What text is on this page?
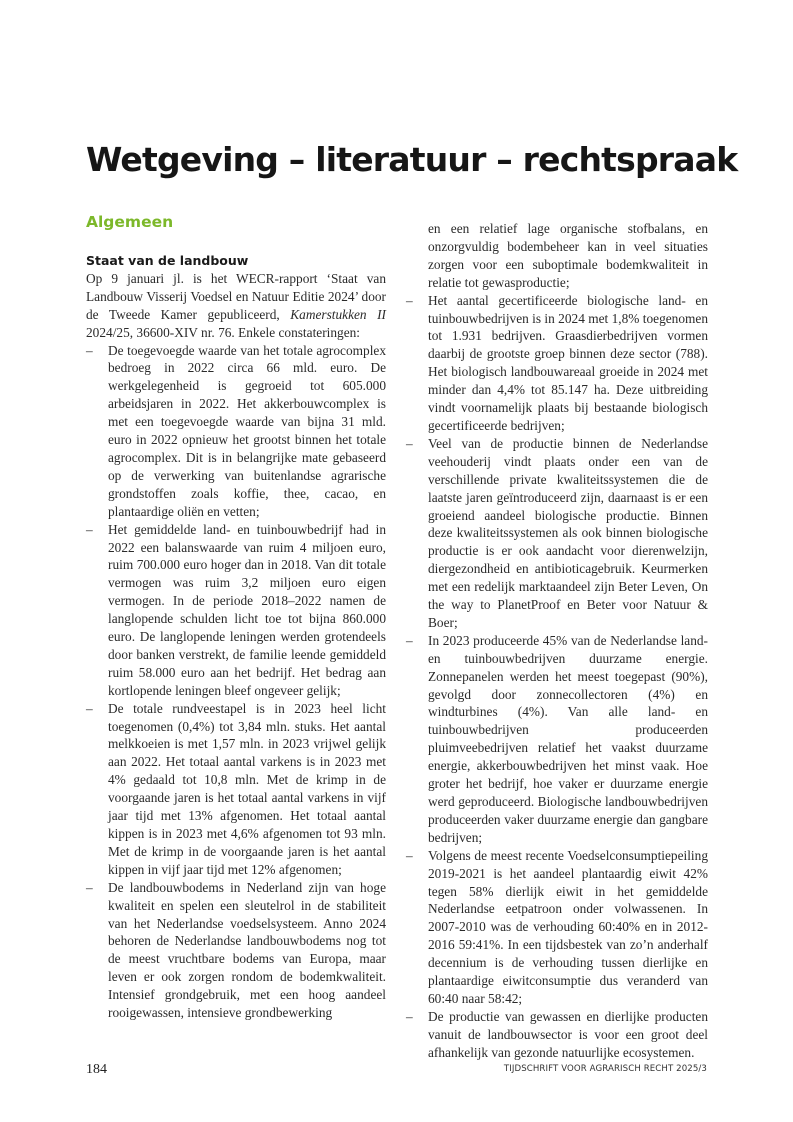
Wetgeving – literatuur – rechtspraak
Algemeen
Staat van de landbouw

Op 9 januari jl. is het WECR-rapport ‘Staat van Landbouw Visserij Voedsel en Natuur Editie 2024’ door de Tweede Kamer gepubliceerd, Kamerstukken II 2024/25, 36600-XIV nr. 76. Enkele constateringen:

– De toegevoegde waarde van het totale agrocomplex bedroeg in 2022 circa 66 mld. euro. De werkgelegenheid is gegroeid tot 605.000 arbeidsjaren in 2022. Het akkerbouwcomplex is met een toegevoegde waarde van bijna 31 mld. euro in 2022 opnieuw het grootst binnen het totale agrocomplex. Dit is in belangrijke mate gebaseerd op de verwerking van buitenlandse agrarische grondstoffen zoals koffie, thee, cacao, en plantaardige oliën en vetten;
– Het gemiddelde land- en tuinbouwbedrijf had in 2022 een balanswaarde van ruim 4 miljoen euro, ruim 700.000 euro hoger dan in 2018. Van dit totale vermogen was ruim 3,2 miljoen euro eigen vermogen. In de periode 2018–2022 namen de langlopende schulden licht toe tot bijna 860.000 euro. De langlopende leningen werden grotendeels door banken verstrekt, de familie leende gemiddeld ruim 58.000 euro aan het bedrijf. Het bedrag aan kortlopende leningen bleef ongeveer gelijk;
– De totale rundveestapel is in 2023 heel licht toegenomen (0,4%) tot 3,84 mln. stuks. Het aantal melkkoeien is met 1,57 mln. in 2023 vrijwel gelijk aan 2022. Het totaal aantal varkens is in 2023 met 4% gedaald tot 10,8 mln. Met de krimp in de voorgaande jaren is het totaal aantal varkens in vijf jaar tijd met 13% afgenomen. Het totaal aantal kippen is in 2023 met 4,6% afgenomen tot 93 mln. Met de krimp in de voorgaande jaren is het aantal kippen in vijf jaar tijd met 12% afgenomen;
– De landbouwbodems in Nederland zijn van hoge kwaliteit en spelen een sleutelrol in de stabiliteit van het Nederlandse voedselsysteem. Anno 2024 behoren de Nederlandse landbouwbodems nog tot de meest vruchtbare bodems van Europa, maar leven er ook zorgen rondom de bodemkwaliteit. Intensief grondgebruik, met een hoog aandeel rooigewassen, intensieve grondbewerking

en een relatief lage organische stofbalans, en onzorgvuldig bodembeheer kan in veel situaties zorgen voor een suboptimale bodemkwaliteit in relatie tot gewasproductie;

– Het aantal gecertificeerde biologische land- en tuinbouwbedrijven is in 2024 met 1,8% toegenomen tot 1.931 bedrijven. Graasdierbedrijven vormen daarbij de grootste groep binnen deze sector (788). Het biologisch landbouwareaal groeide in 2024 met minder dan 4,4% tot 85.147 ha. Deze uitbreiding vindt voornamelijk plaats bij bestaande biologisch gecertificeerde bedrijven;
– Veel van de productie binnen de Nederlandse veehouderij vindt plaats onder een van de verschillende private kwaliteitssystemen die de laatste jaren geïntroduceerd zijn, daarnaast is er een groeiend aandeel biologische productie. Binnen deze kwaliteitssystemen als ook binnen biologische productie is er ook aandacht voor dierenwelzijn, diergezondheid en antibioticagebruik. Keurmerken met een redelijk marktaandeel zijn Beter Leven, On the way to PlanetProof en Beter voor Natuur & Boer;
– In 2023 produceerde 45% van de Nederlandse land- en tuinbouwbedrijven duurzame energie. Zonnepanelen werden het meest toegepast (90%), gevolgd door zonnecollectoren (4%) en windturbines (4%). Van alle land- en tuinbouwbedrijven produceerden pluimveebedrijven relatief het vaakst duurzame energie, akkerbouwbedrijven het minst vaak. Hoe groter het bedrijf, hoe vaker er duurzame energie werd geproduceerd. Biologische landbouwbedrijven produceerden vaker duurzame energie dan gangbare bedrijven;
– Volgens de meest recente Voedselconsumptiepeiling 2019-2021 is het aandeel plantaardig eiwit 42% tegen 58% dierlijk eiwit in het gemiddelde Nederlandse eetpatroon onder volwassenen. In 2007-2010 was de verhouding 60:40% en in 2012-2016 59:41%. In een tijdsbestek van zo’n anderhalf decennium is de verhouding tussen dierlijke en plantaardige eiwitconsumptie dus veranderd van 60:40 naar 58:42;
– De productie van gewassen en dierlijke producten vanuit de landbouwsector is voor een groot deel afhankelijk van gezonde natuurlijke ecosystemen.
184	TIJDSCHRIFT VOOR AGRARISCH RECHT 2025/3
